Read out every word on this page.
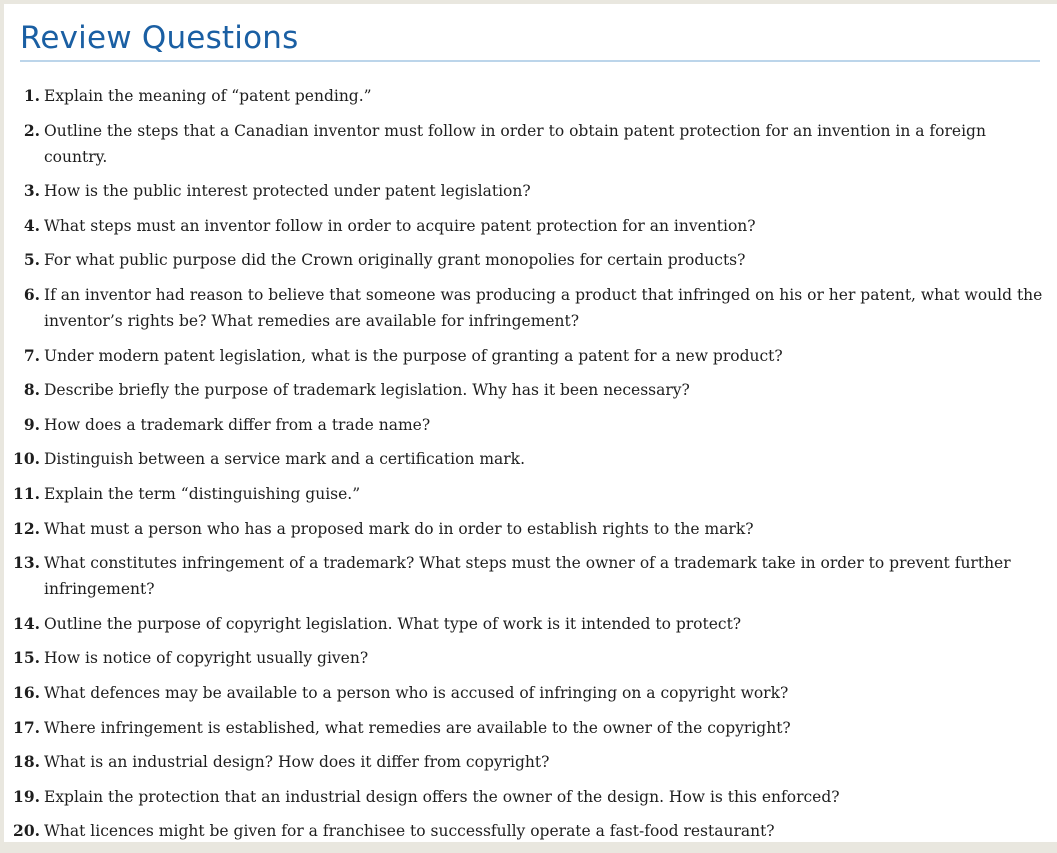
Review Questions
1. Explain the meaning of “patent pending.”
2. Outline the steps that a Canadian inventor must follow in order to obtain patent protection for an invention in a foreign country.
3. How is the public interest protected under patent legislation?
4. What steps must an inventor follow in order to acquire patent protection for an invention?
5. For what public purpose did the Crown originally grant monopolies for certain products?
6. If an inventor had reason to believe that someone was producing a product that infringed on his or her patent, what would the inventor’s rights be? What remedies are available for infringement?
7. Under modern patent legislation, what is the purpose of granting a patent for a new product?
8. Describe briefly the purpose of trademark legislation. Why has it been necessary?
9. How does a trademark differ from a trade name?
10. Distinguish between a service mark and a certification mark.
11. Explain the term “distinguishing guise.”
12. What must a person who has a proposed mark do in order to establish rights to the mark?
13. What constitutes infringement of a trademark? What steps must the owner of a trademark take in order to prevent further infringement?
14. Outline the purpose of copyright legislation. What type of work is it intended to protect?
15. How is notice of copyright usually given?
16. What defences may be available to a person who is accused of infringing on a copyright work?
17. Where infringement is established, what remedies are available to the owner of the copyright?
18. What is an industrial design? How does it differ from copyright?
19. Explain the protection that an industrial design offers the owner of the design. How is this enforced?
20. What licences might be given for a franchisee to successfully operate a fast-food restaurant?
